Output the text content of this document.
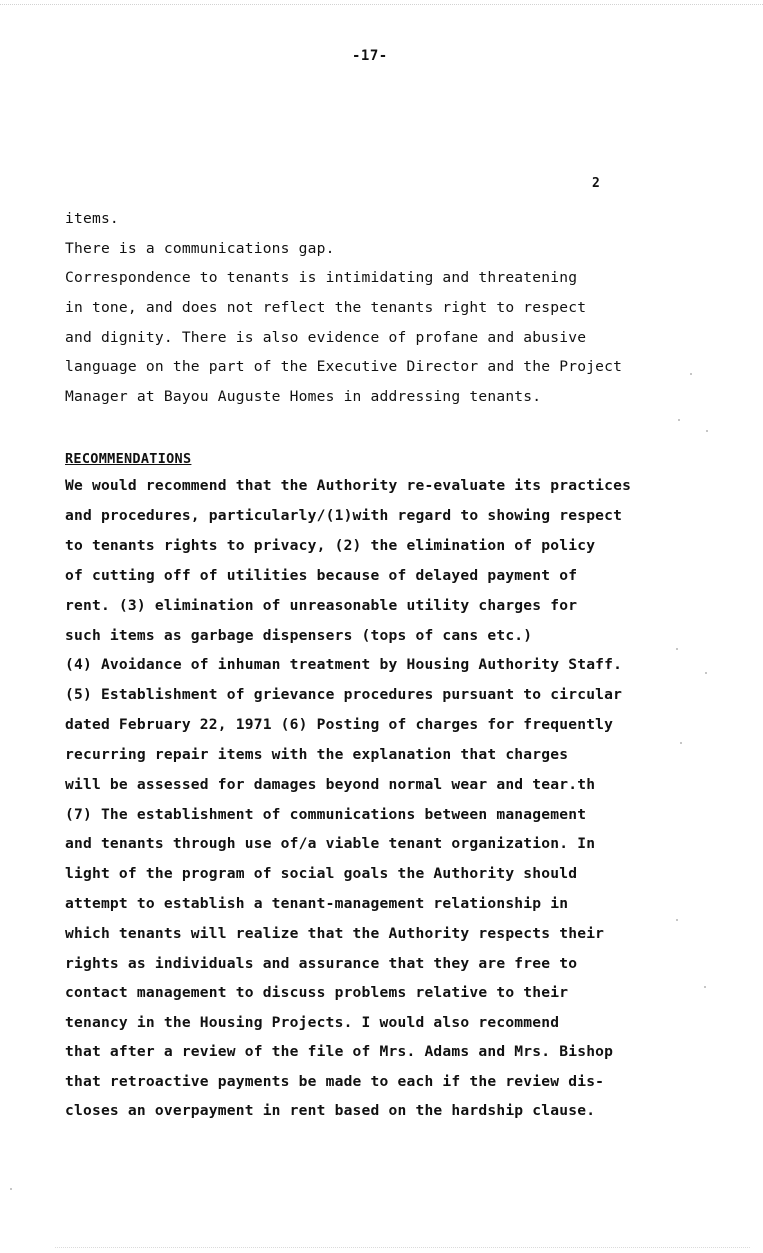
-17-
2
items.
There is a communications gap.
Correspondence to tenants is intimidating and threatening
in tone, and does not reflect the tenants right to respect
and dignity. There is also evidence of profane and abusive
language on the part of the Executive Director and the Project
Manager at Bayou Auguste Homes in addressing tenants.
RECOMMENDATIONS
We would recommend that the Authority re-evaluate its practices
and procedures, particularly/(1)with regard to showing respect
to tenants rights to privacy, (2) the elimination of policy
of cutting off of utilities because of delayed payment of
rent. (3) elimination of unreasonable utility charges for
such items as garbage dispensers (tops of cans etc.)
(4) Avoidance of inhuman treatment by Housing Authority Staff.
(5) Establishment of grievance procedures pursuant to circular
dated February 22, 1971 (6) Posting of charges for frequently
recurring repair items with the explanation that charges
will be assessed for damages beyond normal wear and tear.th
(7) The establishment of communications between management
and tenants through use of/a viable tenant organization. In
light of the program of social goals the Authority should
attempt to establish a tenant-management relationship in
which tenants will realize that the Authority respects their
rights as individuals and assurance that they are free to
contact management to discuss problems relative to their
tenancy in the Housing Projects. I would also recommend
that after a review of the file of Mrs. Adams and Mrs. Bishop
that retroactive payments be made to each if the review dis-
closes an overpayment in rent based on the hardship clause.
